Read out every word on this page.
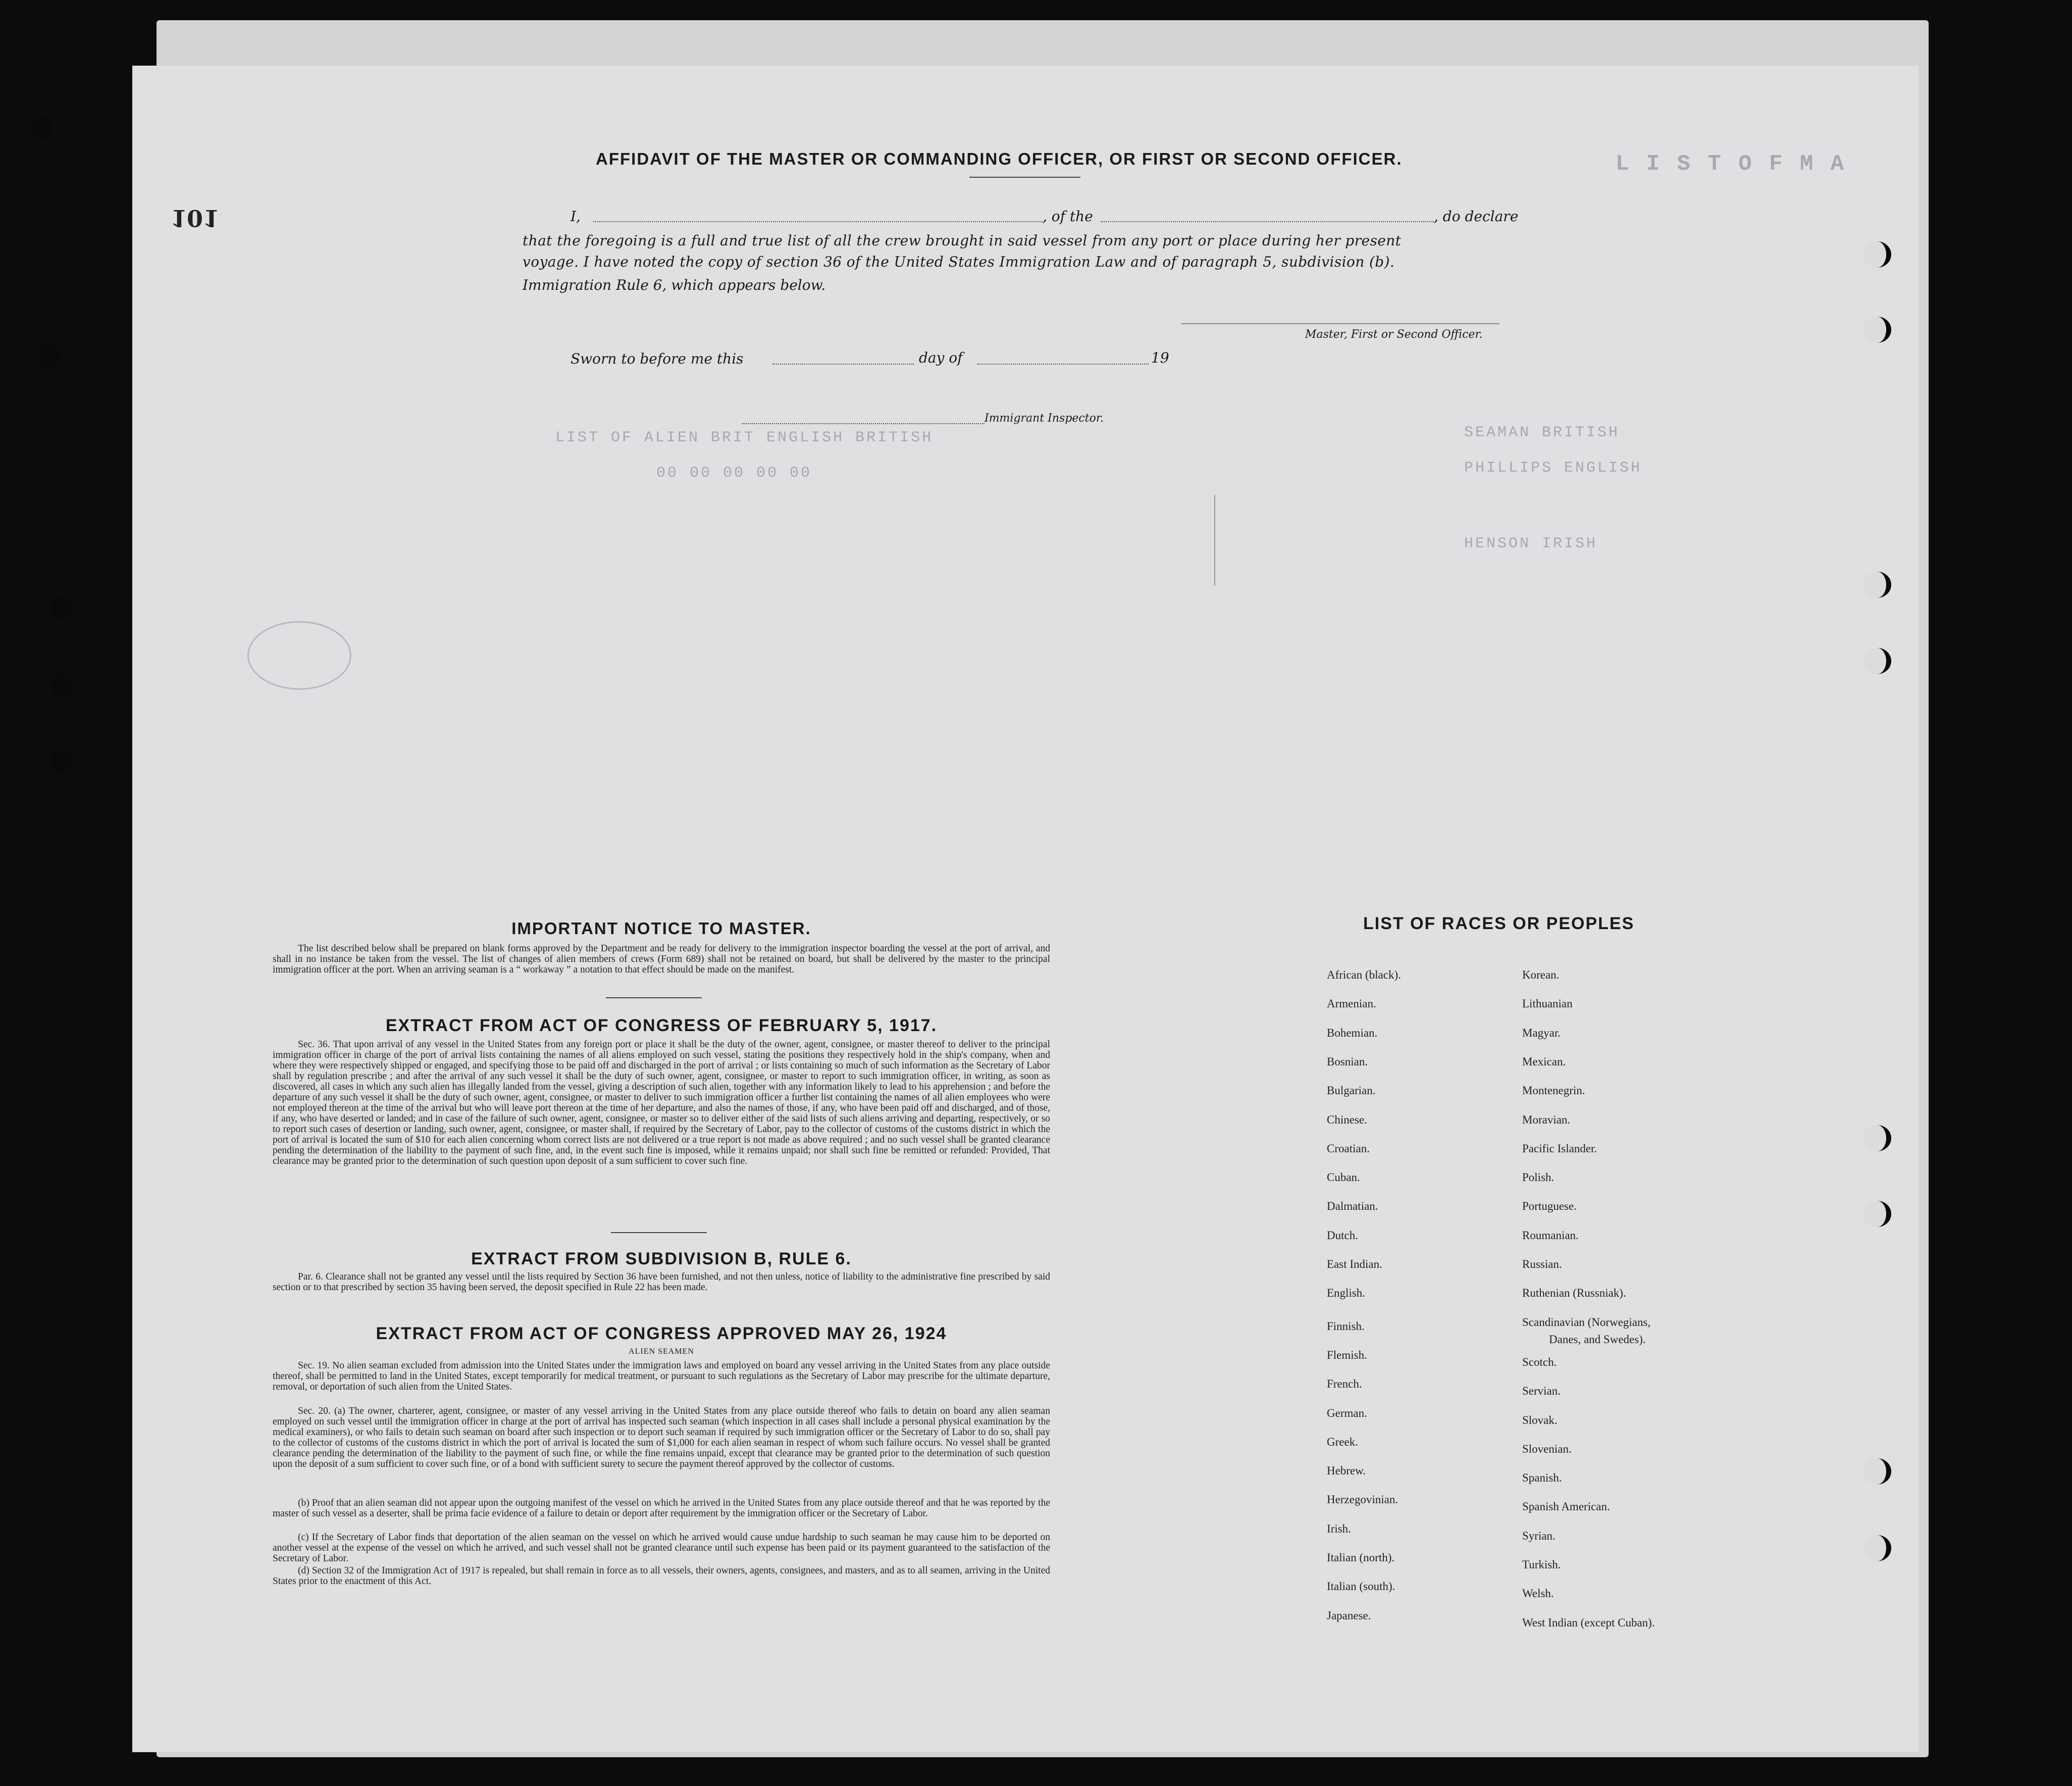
L I S T O F M A
LIST OF ALIEN BRIT ENGLISH BRITISH
00 00 00 00 00
SEAMAN BRITISH
PHILLIPS ENGLISH
HENSON IRISH
101
AFFIDAVIT OF THE MASTER OR COMMANDING OFFICER, OR FIRST OR SECOND OFFICER.
I,	, of the	, do declare
that the foregoing is a full and true list of all the crew brought in said vessel from any port or place during her present
voyage. I have noted the copy of section 36 of the United States Immigration Law and of paragraph 5, subdivision (b).
Immigration Rule 6, which appears below.
Master, First or Second Officer.
Sworn to before me this	day of	19
Immigrant Inspector.
IMPORTANT NOTICE TO MASTER.
The list described below shall be prepared on blank forms approved by the Department and be ready for delivery to the immigration inspector boarding the vessel at the port of arrival, and shall in no instance be taken from the vessel. The list of changes of alien members of crews (Form 689) shall not be retained on board, but shall be delivered by the master to the principal immigration officer at the port. When an arriving seaman is a “ workaway ” a notation to that effect should be made on the manifest.
EXTRACT FROM ACT OF CONGRESS OF FEBRUARY 5, 1917.
Sec. 36. That upon arrival of any vessel in the United States from any foreign port or place it shall be the duty of the owner, agent, consignee, or master thereof to deliver to the principal immigration officer in charge of the port of arrival lists containing the names of all aliens employed on such vessel, stating the positions they respectively hold in the ship's company, when and where they were respectively shipped or engaged, and specifying those to be paid off and discharged in the port of arrival ; or lists containing so much of such information as the Secretary of Labor shall by regulation prescribe ; and after the arrival of any such vessel it shall be the duty of such owner, agent, consignee, or master to report to such immigration officer, in writing, as soon as discovered, all cases in which any such alien has illegally landed from the vessel, giving a description of such alien, together with any information likely to lead to his apprehension ; and before the departure of any such vessel it shall be the duty of such owner, agent, consignee, or master to deliver to such immigration officer a further list containing the names of all alien employees who were not employed thereon at the time of the arrival but who will leave port thereon at the time of her departure, and also the names of those, if any, who have been paid off and discharged, and of those, if any, who have deserted or landed; and in case of the failure of such owner, agent, consignee, or master so to deliver either of the said lists of such aliens arriving and departing, respectively, or so to report such cases of desertion or landing, such owner, agent, consignee, or master shall, if required by the Secretary of Labor, pay to the collector of customs of the customs district in which the port of arrival is located the sum of $10 for each alien concerning whom correct lists are not delivered or a true report is not made as above required ; and no such vessel shall be granted clearance pending the determination of the liability to the payment of such fine, and, in the event such fine is imposed, while it remains unpaid; nor shall such fine be remitted or refunded: Provided, That clearance may be granted prior to the determination of such question upon deposit of a sum sufficient to cover such fine.
EXTRACT FROM SUBDIVISION B, RULE 6.
Par. 6. Clearance shall not be granted any vessel until the lists required by Section 36 have been furnished, and not then unless, notice of liability to the administrative fine prescribed by said section or to that prescribed by section 35 having been served, the deposit specified in Rule 22 has been made.
EXTRACT FROM ACT OF CONGRESS APPROVED MAY 26, 1924
ALIEN SEAMEN
Sec. 19. No alien seaman excluded from admission into the United States under the immigration laws and employed on board any vessel arriving in the United States from any place outside thereof, shall be permitted to land in the United States, except temporarily for medical treatment, or pursuant to such regulations as the Secretary of Labor may prescribe for the ultimate departure, removal, or deportation of such alien from the United States.
Sec. 20. (a) The owner, charterer, agent, consignee, or master of any vessel arriving in the United States from any place outside thereof who fails to detain on board any alien seaman employed on such vessel until the immigration officer in charge at the port of arrival has inspected such seaman (which inspection in all cases shall include a personal physical examination by the medical examiners), or who fails to detain such seaman on board after such inspection or to deport such seaman if required by such immigration officer or the Secretary of Labor to do so, shall pay to the collector of customs of the customs district in which the port of arrival is located the sum of $1,000 for each alien seaman in respect of whom such failure occurs. No vessel shall be granted clearance pending the determination of the liability to the payment of such fine, or while the fine remains unpaid, except that clearance may be granted prior to the determination of such question upon the deposit of a sum sufficient to cover such fine, or of a bond with sufficient surety to secure the payment thereof approved by the collector of customs.
(b) Proof that an alien seaman did not appear upon the outgoing manifest of the vessel on which he arrived in the United States from any place outside thereof and that he was reported by the master of such vessel as a deserter, shall be prima facie evidence of a failure to detain or deport after requirement by the immigration officer or the Secretary of Labor.
(c) If the Secretary of Labor finds that deportation of the alien seaman on the vessel on which he arrived would cause undue hardship to such seaman he may cause him to be deported on another vessel at the expense of the vessel on which he arrived, and such vessel shall not be granted clearance until such expense has been paid or its payment guaranteed to the satisfaction of the Secretary of Labor.
(d) Section 32 of the Immigration Act of 1917 is repealed, but shall remain in force as to all vessels, their owners, agents, consignees, and masters, and as to all seamen, arriving in the United States prior to the enactment of this Act.
LIST OF RACES OR PEOPLES
African (black).
Armenian.
Bohemian.
Bosnian.
Bulgarian.
Chinese.
Croatian.
Cuban.
Dalmatian.
Dutch.
East Indian.
English.
Finnish.
Flemish.
French.
German.
Greek.
Hebrew.
Herzegovinian.
Irish.
Italian (north).
Italian (south).
Japanese.
Korean.
Lithuanian
Magyar.
Mexican.
Montenegrin.
Moravian.
Pacific Islander.
Polish.
Portuguese.
Roumanian.
Russian.
Ruthenian (Russniak).
Scandinavian (Norwegians,
Scotch.
Servian.
Slovak.
Slovenian.
Spanish.
Spanish American.
Syrian.
Turkish.
Welsh.
West Indian (except Cuban).
Danes, and Swedes).
